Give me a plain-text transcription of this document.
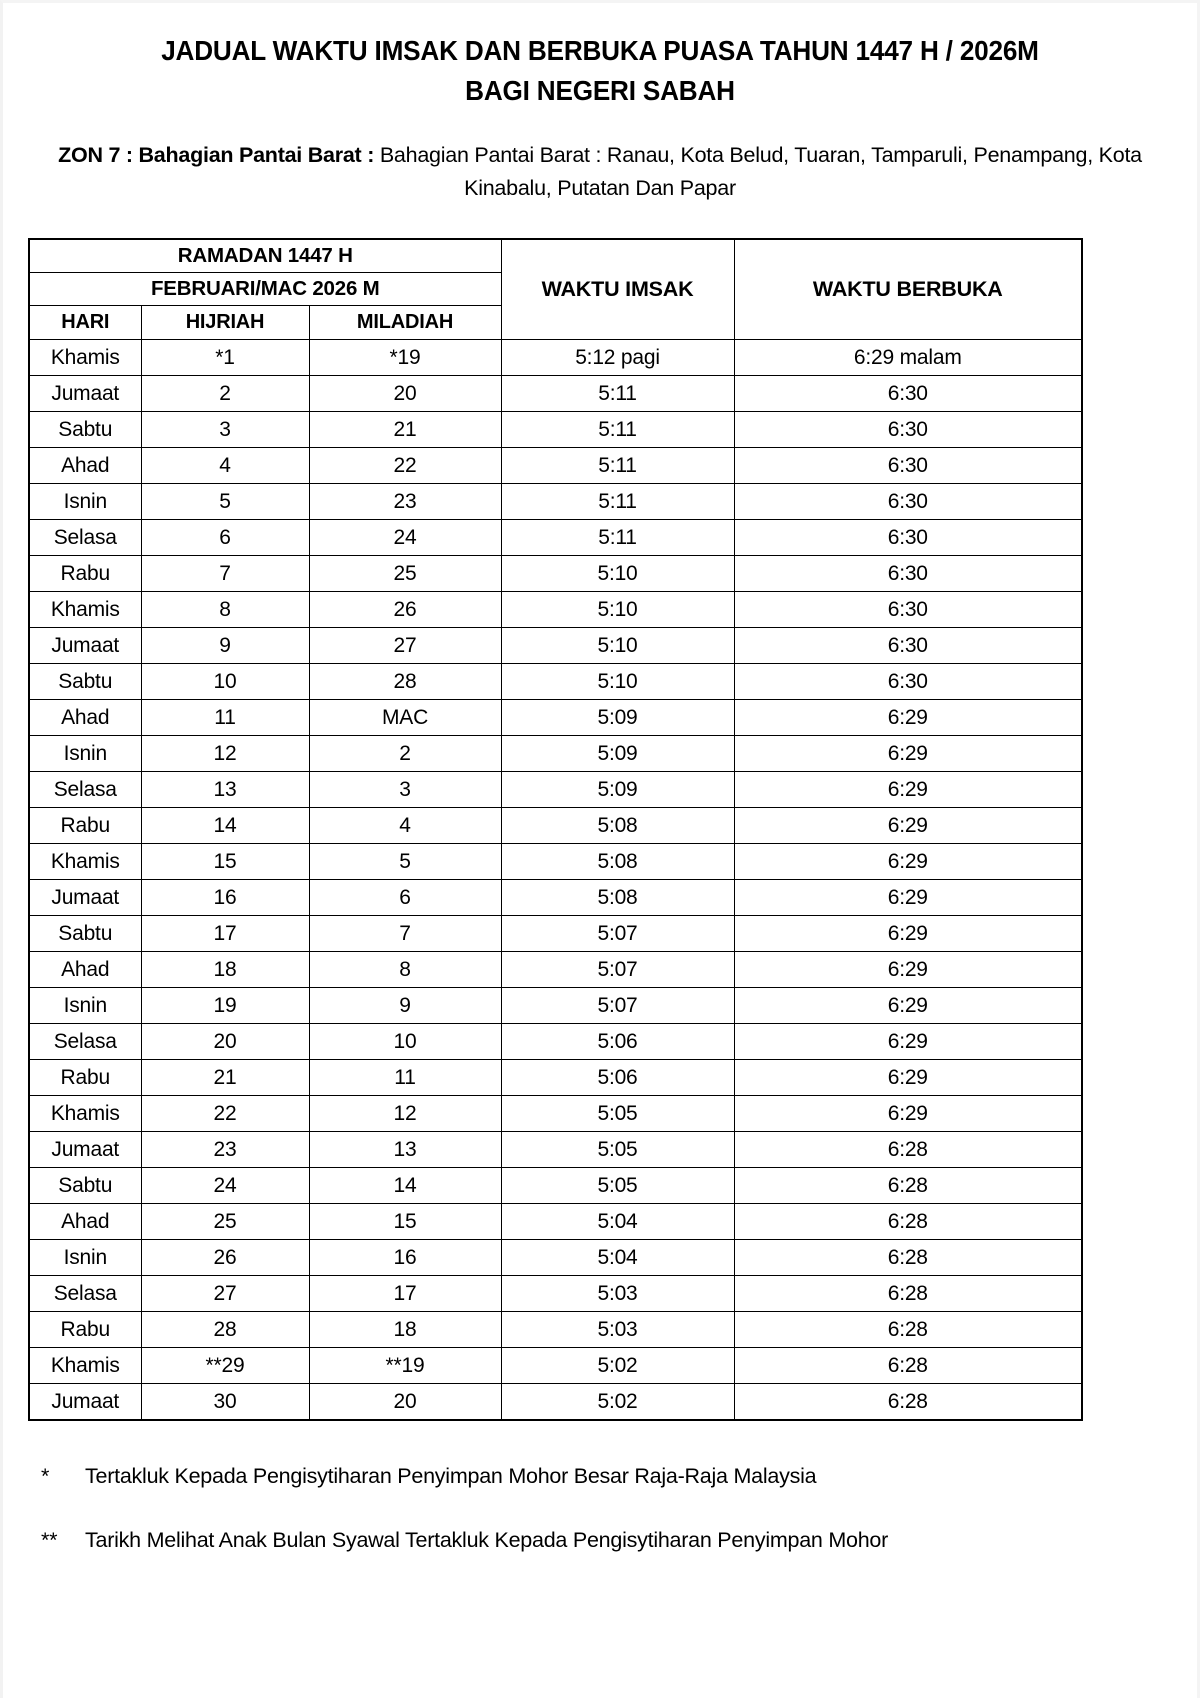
JADUAL WAKTU IMSAK DAN BERBUKA PUASA TAHUN 1447 H / 2026M
BAGI NEGERI SABAH
ZON 7 : Bahagian Pantai Barat : Bahagian Pantai Barat : Ranau, Kota Belud, Tuaran, Tamparuli, Penampang, Kota Kinabalu, Putatan Dan Papar
RAMADAN 1447 H			WAKTU IMSAK	WAKTU BERBUKA
FEBRUARI/MAC 2026 M				
HARI	HIJRIAH	MILADIAH		
Khamis	*1	*19	5:12 pagi	6:29 malam
Jumaat	2	20	5:11	6:30
Sabtu	3	21	5:11	6:30
Ahad	4	22	5:11	6:30
Isnin	5	23	5:11	6:30
Selasa	6	24	5:11	6:30
Rabu	7	25	5:10	6:30
Khamis	8	26	5:10	6:30
Jumaat	9	27	5:10	6:30
Sabtu	10	28	5:10	6:30
Ahad	11	MAC	5:09	6:29
Isnin	12	2	5:09	6:29
Selasa	13	3	5:09	6:29
Rabu	14	4	5:08	6:29
Khamis	15	5	5:08	6:29
Jumaat	16	6	5:08	6:29
Sabtu	17	7	5:07	6:29
Ahad	18	8	5:07	6:29
Isnin	19	9	5:07	6:29
Selasa	20	10	5:06	6:29
Rabu	21	11	5:06	6:29
Khamis	22	12	5:05	6:29
Jumaat	23	13	5:05	6:28
Sabtu	24	14	5:05	6:28
Ahad	25	15	5:04	6:28
Isnin	26	16	5:04	6:28
Selasa	27	17	5:03	6:28
Rabu	28	18	5:03	6:28
Khamis	**29	**19	5:02	6:28
Jumaat	30	20	5:02	6:28
*	Tertakluk Kepada Pengisytiharan Penyimpan Mohor Besar Raja-Raja Malaysia
**	Tarikh Melihat Anak Bulan Syawal Tertakluk Kepada Pengisytiharan Penyimpan Mohor
